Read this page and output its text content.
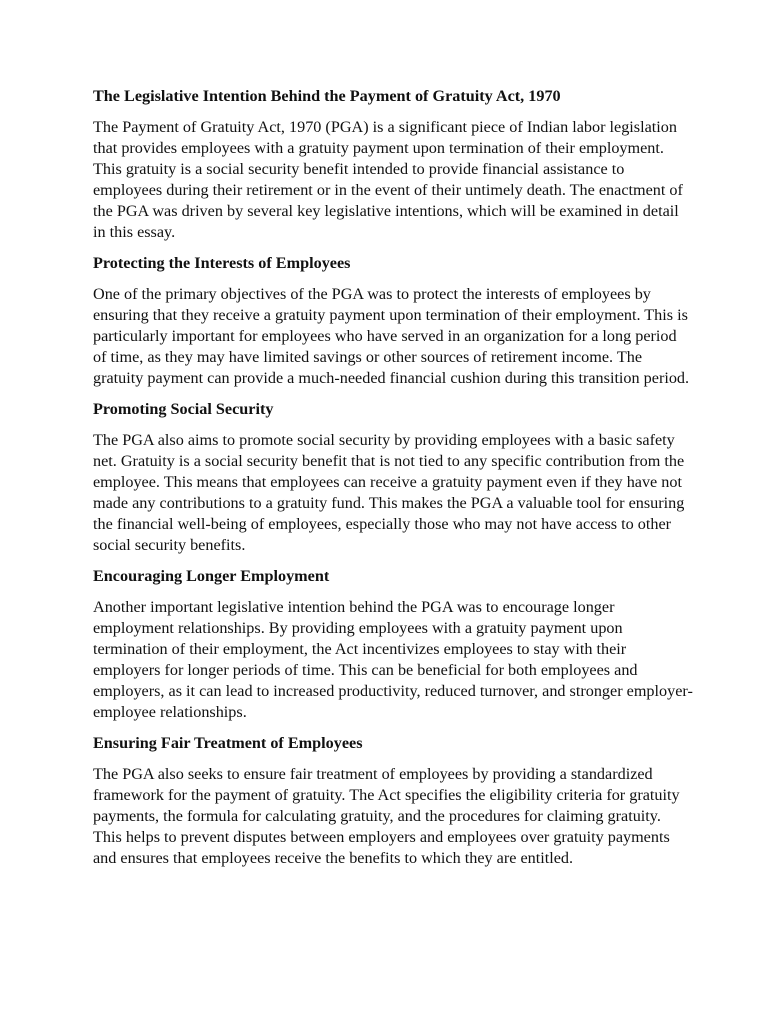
The Legislative Intention Behind the Payment of Gratuity Act, 1970

The Payment of Gratuity Act, 1970 (PGA) is a significant piece of Indian labor legislation that provides employees with a gratuity payment upon termination of their employment. This gratuity is a social security benefit intended to provide financial assistance to employees during their retirement or in the event of their untimely death. The enactment of the PGA was driven by several key legislative intentions, which will be examined in detail in this essay.

Protecting the Interests of Employees

One of the primary objectives of the PGA was to protect the interests of employees by ensuring that they receive a gratuity payment upon termination of their employment. This is particularly important for employees who have served in an organization for a long period of time, as they may have limited savings or other sources of retirement income. The gratuity payment can provide a much-needed financial cushion during this transition period.

Promoting Social Security

The PGA also aims to promote social security by providing employees with a basic safety net. Gratuity is a social security benefit that is not tied to any specific contribution from the employee. This means that employees can receive a gratuity payment even if they have not made any contributions to a gratuity fund. This makes the PGA a valuable tool for ensuring the financial well-being of employees, especially those who may not have access to other social security benefits.

Encouraging Longer Employment

Another important legislative intention behind the PGA was to encourage longer employment relationships. By providing employees with a gratuity payment upon termination of their employment, the Act incentivizes employees to stay with their employers for longer periods of time. This can be beneficial for both employees and employers, as it can lead to increased productivity, reduced turnover, and stronger employer-employee relationships.

Ensuring Fair Treatment of Employees

The PGA also seeks to ensure fair treatment of employees by providing a standardized framework for the payment of gratuity. The Act specifies the eligibility criteria for gratuity payments, the formula for calculating gratuity, and the procedures for claiming gratuity. This helps to prevent disputes between employers and employees over gratuity payments and ensures that employees receive the benefits to which they are entitled.
